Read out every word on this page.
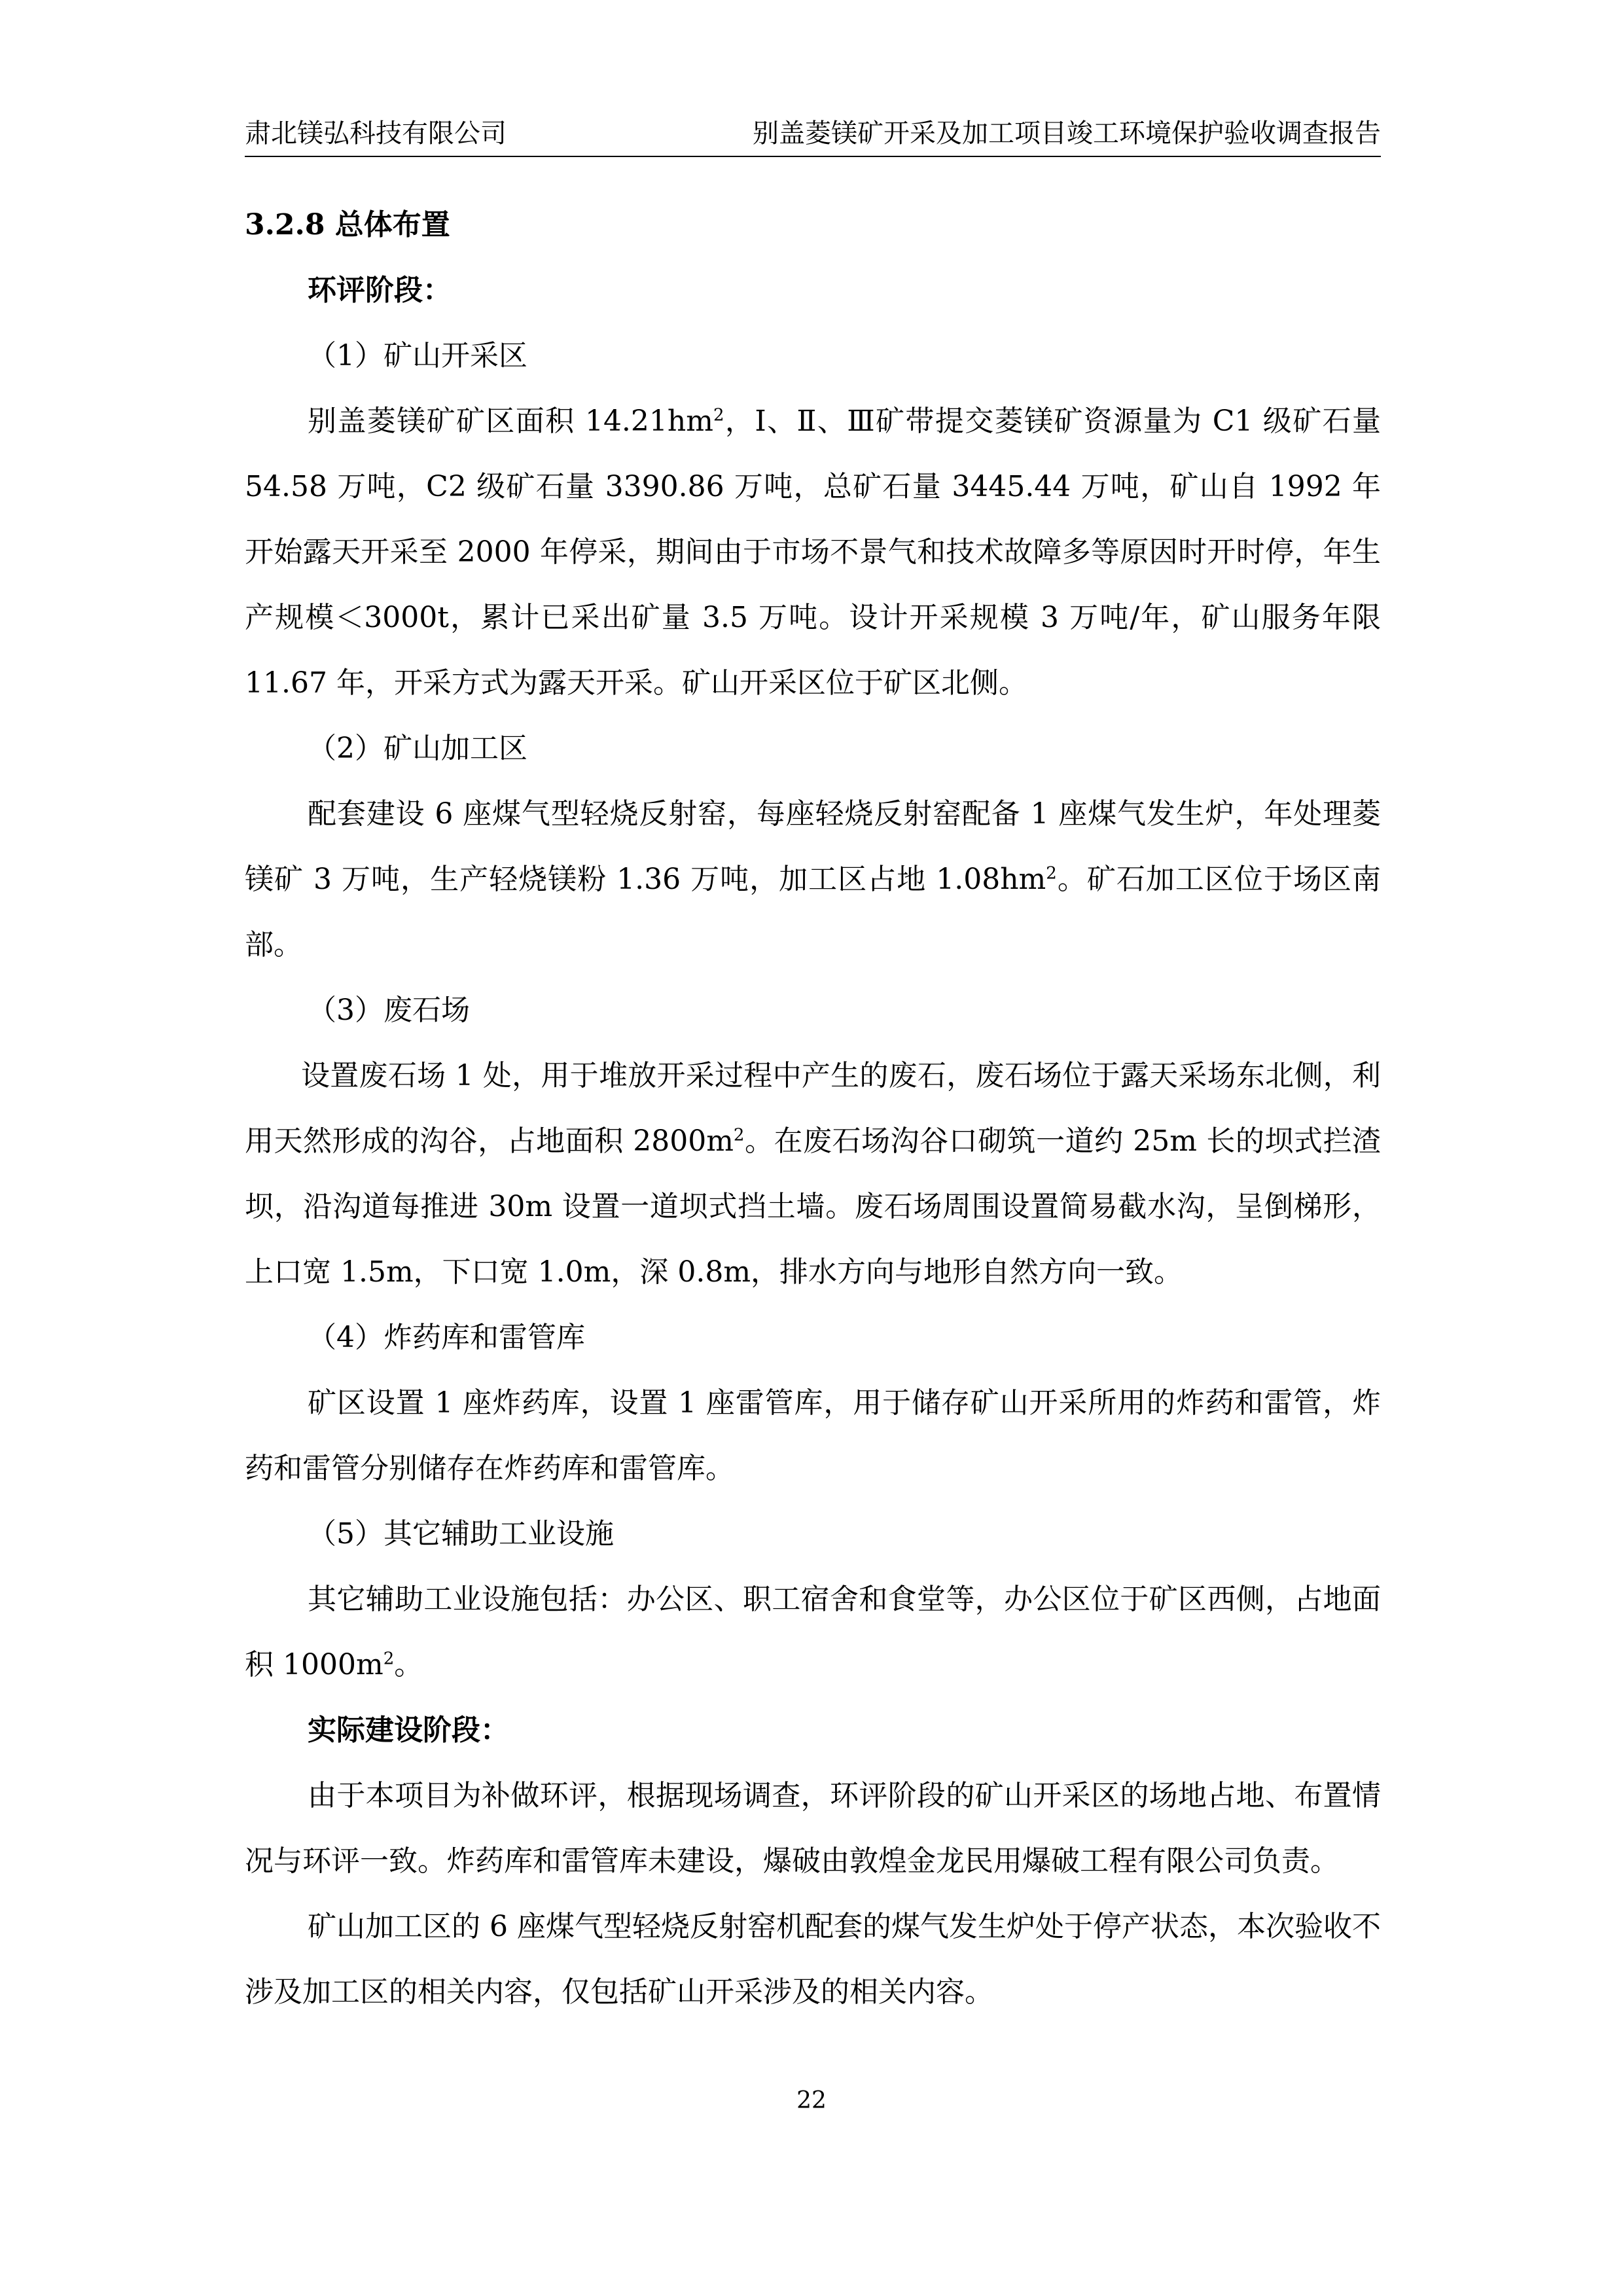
肃北镁弘科技有限公司	别盖菱镁矿开采及加工项目竣工环境保护验收调查报告
3.2.8 总体布置
环评阶段：
（1）矿山开采区

别盖菱镁矿矿区面积 $14.21hm^2$，Ⅰ、Ⅱ、Ⅲ矿带提交菱镁矿资源量为 C1 级矿石量 54.58 万吨，C2 级矿石量 3390.86 万吨，总矿石量 3445.44 万吨，矿山自 1992 年开始露天开采至 2000 年停采，期间由于市场不景气和技术故障多等原因时开时停，年生产规模＜3000t，累计已采出矿量 3.5 万吨。设计开采规模 3 万吨/年，矿山服务年限 11.67 年，开采方式为露天开采。矿山开采区位于矿区北侧。

（2）矿山加工区

配套建设 6 座煤气型轻烧反射窑，每座轻烧反射窑配备 1 座煤气发生炉，年处理菱镁矿 3 万吨，生产轻烧镁粉 1.36 万吨，加工区占地 $1.08hm^2$。矿石加工区位于场区南部。

（3）废石场

设置废石场 1 处，用于堆放开采过程中产生的废石，废石场位于露天采场东北侧，利用天然形成的沟谷，占地面积 $2800m^2$。在废石场沟谷口砌筑一道约 25m 长的坝式拦渣坝，沿沟道每推进 30m 设置一道坝式挡土墙。废石场周围设置简易截水沟，呈倒梯形，上口宽 1.5m，下口宽 1.0m，深 0.8m，排水方向与地形自然方向一致。

（4）炸药库和雷管库

矿区设置 1 座炸药库，设置 1 座雷管库，用于储存矿山开采所用的炸药和雷管，炸药和雷管分别储存在炸药库和雷管库。

（5）其它辅助工业设施

其它辅助工业设施包括：办公区、职工宿舍和食堂等，办公区位于矿区西侧，占地面积 $1000m^2$。

实际建设阶段：

由于本项目为补做环评，根据现场调查，环评阶段的矿山开采区的场地占地、布置情况与环评一致。炸药库和雷管库未建设，爆破由敦煌金龙民用爆破工程有限公司负责。

矿山加工区的 6 座煤气型轻烧反射窑机配套的煤气发生炉处于停产状态，本次验收不涉及加工区的相关内容，仅包括矿山开采涉及的相关内容。

22
